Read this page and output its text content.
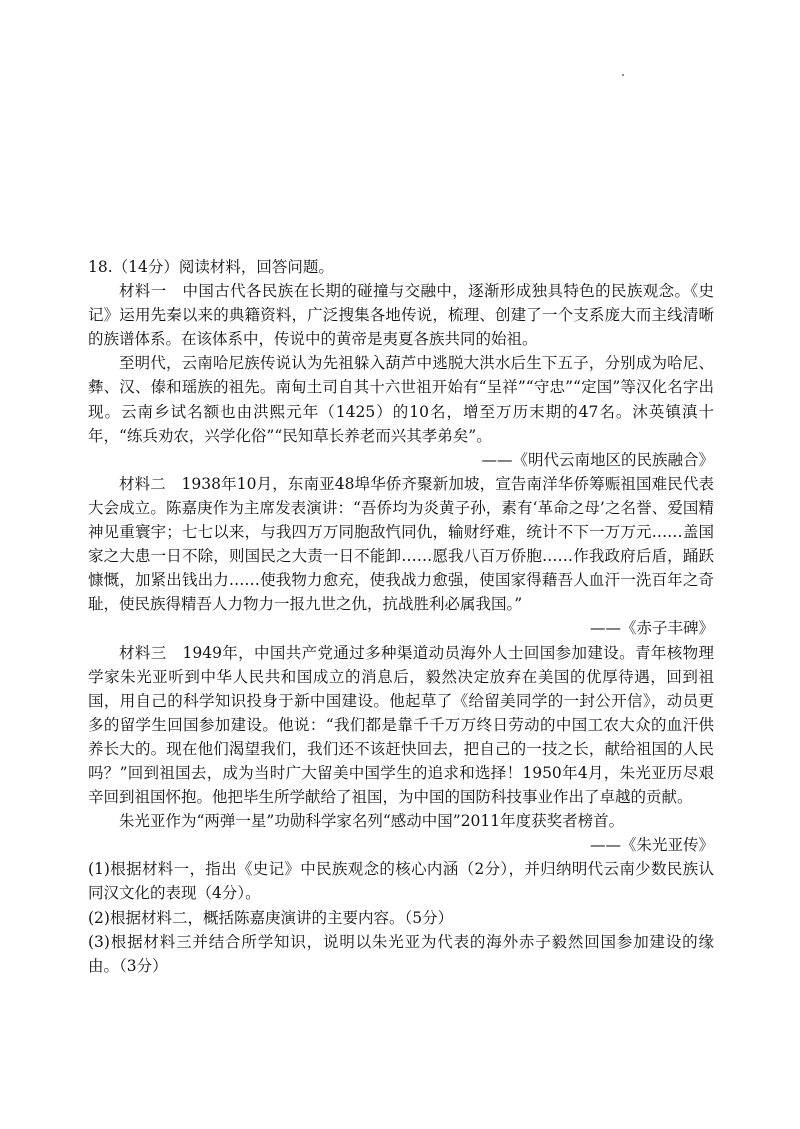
18.（14分）阅读材料，回答问题。

材料一　中国古代各民族在长期的碰撞与交融中，逐渐形成独具特色的民族观念。《史记》运用先秦以来的典籍资料，广泛搜集各地传说，梳理、创建了一个支系庞大而主线清晰的族谱体系。在该体系中，传说中的黄帝是夷夏各族共同的始祖。

至明代，云南哈尼族传说认为先祖躲入葫芦中逃脱大洪水后生下五子，分别成为哈尼、彝、汉、傣和瑶族的祖先。南甸土司自其十六世祖开始有“呈祥”“守忠”“定国”等汉化名字出现。云南乡试名额也由洪熙元年（1425）的10名，增至万历末期的47名。沐英镇滇十年，“练兵劝农，兴学化俗”“民知草长养老而兴其孝弟矣”。

——《明代云南地区的民族融合》

材料二　1938年10月，东南亚48埠华侨齐聚新加坡，宣告南洋华侨筹赈祖国难民代表大会成立。陈嘉庚作为主席发表演讲：“吾侨均为炎黄子孙，素有‘革命之母’之名誉、爱国精神见重寰宇；七七以来，与我四万万同胞敌忾同仇，输财纾难，统计不下一万万元……盖国家之大患一日不除，则国民之大责一日不能卸……愿我八百万侨胞……作我政府后盾，踊跃慷慨，加紧出钱出力……使我物力愈充，使我战力愈强，使国家得藉吾人血汗一洗百年之奇耻，使民族得精吾人力物力一报九世之仇，抗战胜利必属我国。”

——《赤子丰碑》

材料三　1949年，中国共产党通过多种渠道动员海外人士回国参加建设。青年核物理学家朱光亚听到中华人民共和国成立的消息后，毅然决定放弃在美国的优厚待遇，回到祖国，用自己的科学知识投身于新中国建设。他起草了《给留美同学的一封公开信》，动员更多的留学生回国参加建设。他说：“我们都是靠千千万万终日劳动的中国工农大众的血汗供养长大的。现在他们渴望我们，我们还不该赶快回去，把自己的一技之长，献给祖国的人民吗？”回到祖国去，成为当时广大留美中国学生的追求和选择！1950年4月，朱光亚历尽艰辛回到祖国怀抱。他把毕生所学献给了祖国，为中国的国防科技事业作出了卓越的贡献。

朱光亚作为“两弹一星”功勋科学家名列“感动中国”2011年度获奖者榜首。

——《朱光亚传》

(1)根据材料一，指出《史记》中民族观念的核心内涵（2分），并归纳明代云南少数民族认同汉文化的表现（4分）。

(2)根据材料二，概括陈嘉庚演讲的主要内容。（5分）

(3)根据材料三并结合所学知识，说明以朱光亚为代表的海外赤子毅然回国参加建设的缘由。（3分）
